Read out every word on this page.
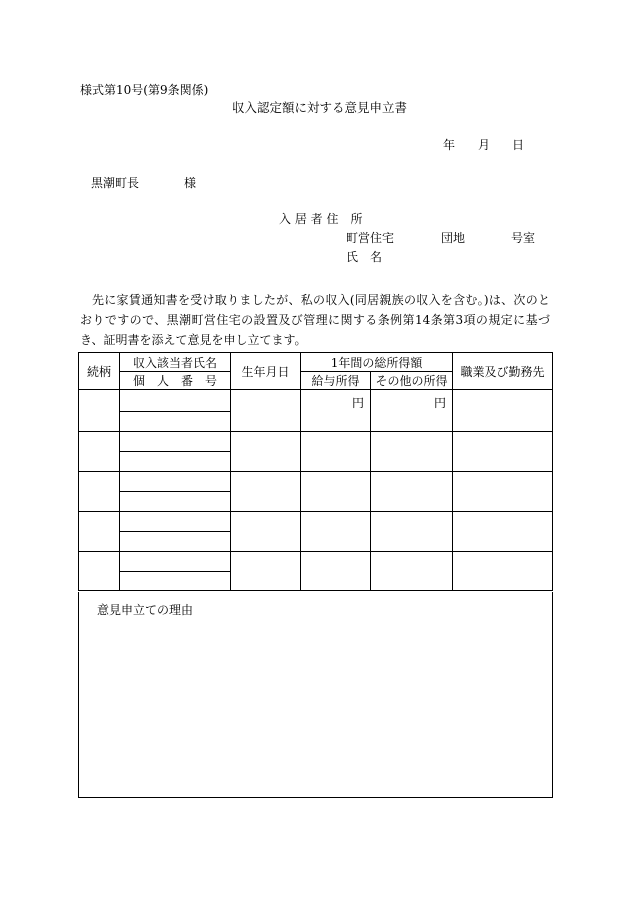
様式第10号(第9条関係)
収入認定額に対する意見申立書
年 月 日
黒潮町長	様
入 居 者 住　所
町営住宅	団地	号室
氏　名
先に家賃通知書を受け取りましたが、私の収入(同居親族の収入を含む。)は、次のとおりですので、黒潮町営住宅の設置及び管理に関する条例第14条第3項の規定に基づき、証明書を添えて意見を申し立てます。
続柄	収入該当者氏名	生年月日	1年間の総所得額		職業及び勤務先
	個　人　番　号		給与所得	その他の所得	
			円	円	

意見申立ての理由
